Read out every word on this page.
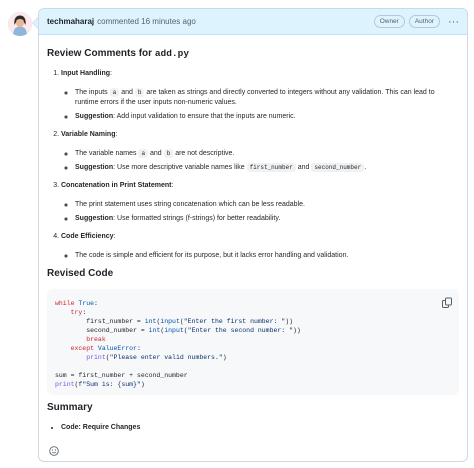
techmaharaj commented 16 minutes ago	Owner	Author	···
Review Comments for add.py
1. Input Handling:
◦ The inputs a and b are taken as strings and directly converted to integers without any validation. This can lead to runtime errors if the user inputs non-numeric values.
◦ Suggestion: Add input validation to ensure that the inputs are numeric.
2. Variable Naming:
◦ The variable names a and b are not descriptive.
◦ Suggestion: Use more descriptive variable names like first_number and second_number .
3. Concatenation in Print Statement:
◦ The print statement uses string concatenation which can be less readable.
◦ Suggestion: Use formatted strings (f-strings) for better readability.
4. Code Efficiency:
◦ The code is simple and efficient for its purpose, but it lacks error handling and validation.
Revised Code
while True:
try:
first_number = int(input("Enter the first number: "))
second_number = int(input("Enter the second number: "))
break
except ValueError:
print("Please enter valid numbers.")
sum = first_number + second_number
print(f"Sum is: {sum}")
Summary
• Code: Require Changes
